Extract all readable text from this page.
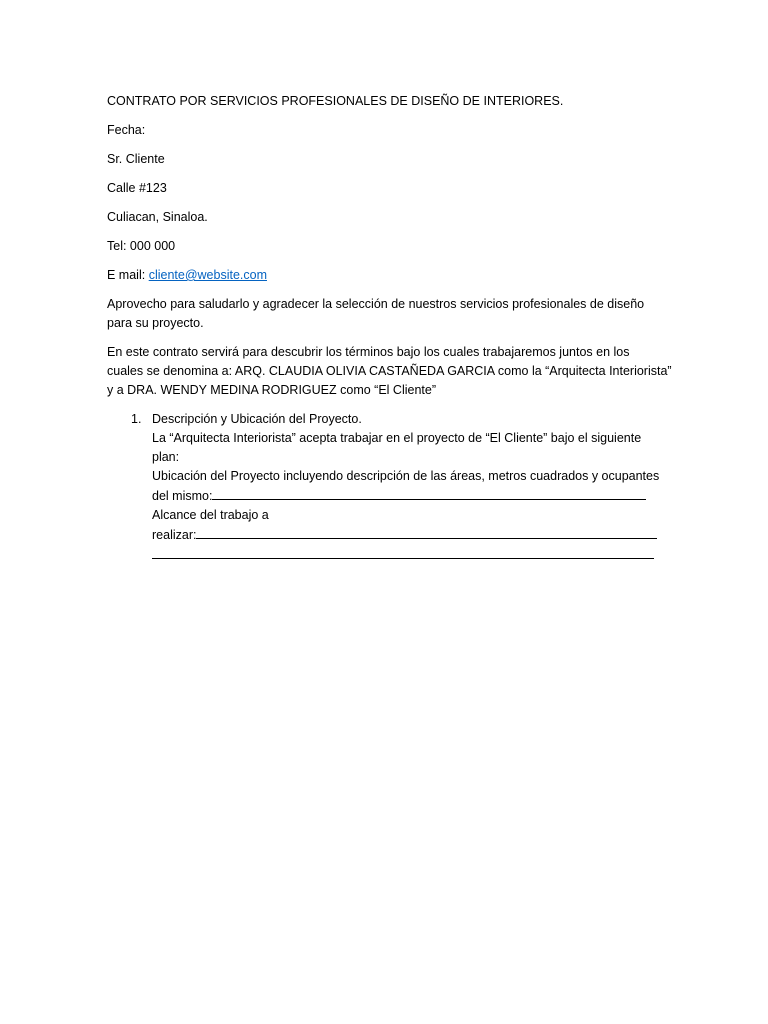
CONTRATO POR SERVICIOS PROFESIONALES DE DISEÑO DE INTERIORES.

Fecha:

Sr. Cliente

Calle #123

Culiacan, Sinaloa.

Tel: 000 000

E mail: cliente@website.com

Aprovecho para saludarlo y agradecer la selección de nuestros servicios profesionales de diseño para su proyecto.

En este contrato servirá para descubrir los términos bajo los cuales trabajaremos juntos en los
cuales se denomina a: ARQ. CLAUDIA OLIVIA CASTAÑEDA GARCIA como la “Arquitecta Interiorista”
y a DRA. WENDY MEDINA RODRIGUEZ como “El Cliente”

1. Descripción y Ubicación del Proyecto.
La “Arquitecta Interiorista” acepta trabajar en el proyecto de “El Cliente” bajo el siguiente
plan:
Ubicación del Proyecto incluyendo descripción de las áreas, metros cuadrados y ocupantes
del mismo:
Alcance del trabajo a
realizar:
